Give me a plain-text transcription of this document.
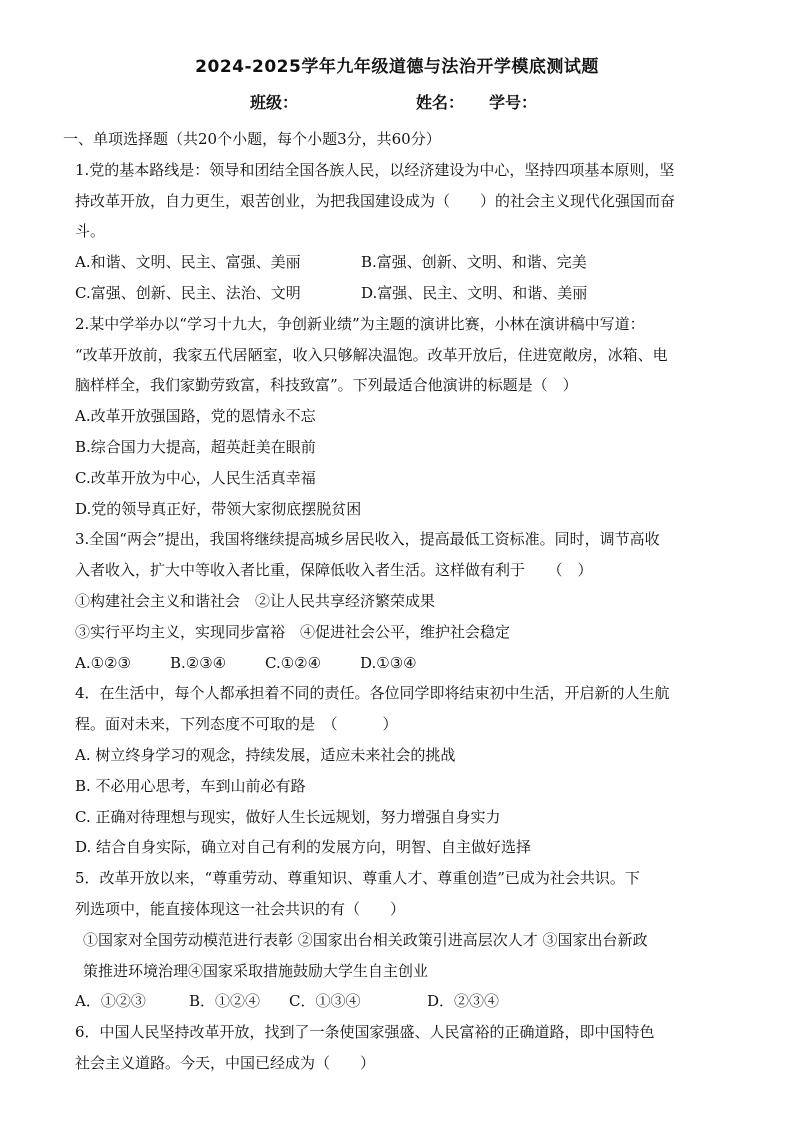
2024-2025学年九年级道德与法治开学模底测试题
班级：	姓名： 学号：

一、单项选择题（共20个小题，每个小题3分，共60分）

1.党的基本路线是：领导和团结全国各族人民，以经济建设为中心，坚持四项基本原则，坚

持改革开放，自力更生，艰苦创业，为把我国建设成为（　　）的社会主义现代化强国而奋

斗。

A.和谐、文明、民主、富强、美丽	B.富强、创新、文明、和谐、完美

C.富强、创新、民主、法治、文明	D.富强、民主、文明、和谐、美丽

2.某中学举办以“学习十九大，争创新业绩”为主题的演讲比赛，小林在演讲稿中写道：

“改革开放前，我家五代居陋室，收入只够解决温饱。改革开放后，住进宽敞房，冰箱、电

脑样样全，我们家勤劳致富，科技致富”。下列最适合他演讲的标题是（　）

A.改革开放强国路，党的恩情永不忘

B.综合国力大提高，超英赶美在眼前

C.改革开放为中心，人民生活真幸福

D.党的领导真正好，带领大家彻底摆脱贫困

3.全国“两会”提出，我国将继续提高城乡居民收入，提高最低工资标准。同时，调节高收

入者收入，扩大中等收入者比重，保障低收入者生活。这样做有利于　　（　）

①构建社会主义和谐社会　②让人民共享经济繁荣成果

③实行平均主义，实现同步富裕　④促进社会公平，维护社会稳定

A.①②③	B.②③④	C.①②④	D.①③④

4．在生活中，每个人都承担着不同的责任。各位同学即将结束初中生活，开启新的人生航

程。面对未来，下列态度不可取的是　（　　　）

A. 树立终身学习的观念，持续发展，适应未来社会的挑战

B. 不必用心思考，车到山前必有路

C. 正确对待理想与现实，做好人生长远规划，努力增强自身实力

D. 结合自身实际，确立对自己有利的发展方向，明智、自主做好选择

5．改革开放以来，“尊重劳动、尊重知识、尊重人才、尊重创造”已成为社会共识。下

列选项中，能直接体现这一社会共识的有（　　）

①国家对全国劳动模范进行表彰 ②国家出台相关政策引进高层次人才 ③国家出台新政

策推进环境治理④国家采取措施鼓励大学生自主创业

A．①②③	B．①②④ C．①③④	D．②③④

6．中国人民坚持改革开放，找到了一条使国家强盛、人民富裕的正确道路，即中国特色

社会主义道路。今天，中国已经成为（　　）
